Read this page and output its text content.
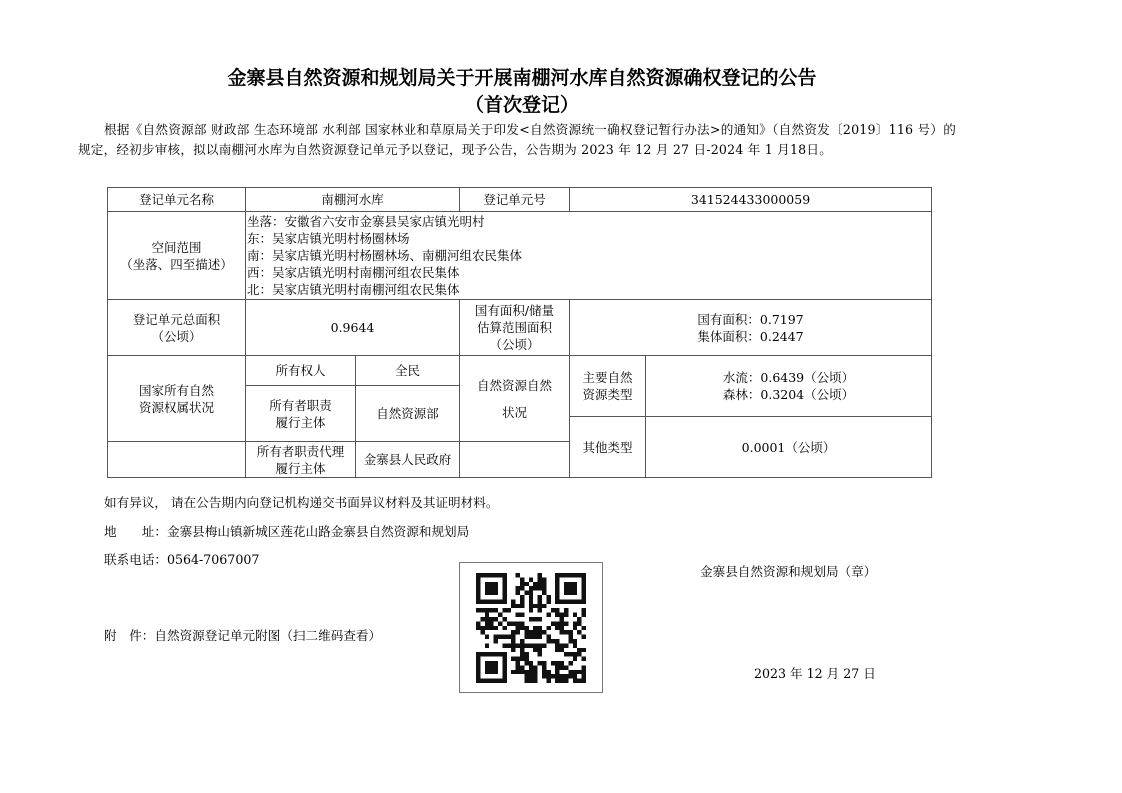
金寨县自然资源和规划局关于开展南棚河水库自然资源确权登记的公告
（首次登记）
根据《自然资源部 财政部 生态环境部 水利部 国家林业和草原局关于印发<自然资源统一确权登记暂行办法>的通知》（自然资发〔2019〕116 号）的规定，经初步审核，拟以南棚河水库为自然资源登记单元予以登记，现予公告，公告期为 2023 年 12 月 27 日-2024 年 1 月18日。
登记单元名称	南棚河水库		登记单元号	341524433000059	

空间范围
（坐落、四至描述）	坐落：安徽省六安市金寨县吴家店镇光明村
东：吴家店镇光明村杨圈林场
南：吴家店镇光明村杨圈林场、南棚河组农民集体
西：吴家店镇光明村南棚河组农民集体
北：吴家店镇光明村南棚河组农民集体				

登记单元总面积
（公顷）	0.9644		国有面积/储量
估算范围面积
（公顷）	国有面积：0.7197
集体面积：0.2447	

国家所有自然
资源权属状况	所有权人	全民	自然资源自然
状况	主要自然
资源类型	水流：0.6439（公顷）
森林：0.3204（公顷）

	所有者职责
履行主体	自然资源部			
				其他类型	0.0001（公顷）

	所有者职责代理
履行主体	金寨县人民政府			
如有异议， 请在公告期内向登记机构递交书面异议材料及其证明材料。
地　　址：金寨县梅山镇新城区莲花山路金寨县自然资源和规划局
联系电话：0564-7067007
附　件：自然资源登记单元附图（扫二维码查看）
金寨县自然资源和规划局（章）
2023 年 12 月 27 日
